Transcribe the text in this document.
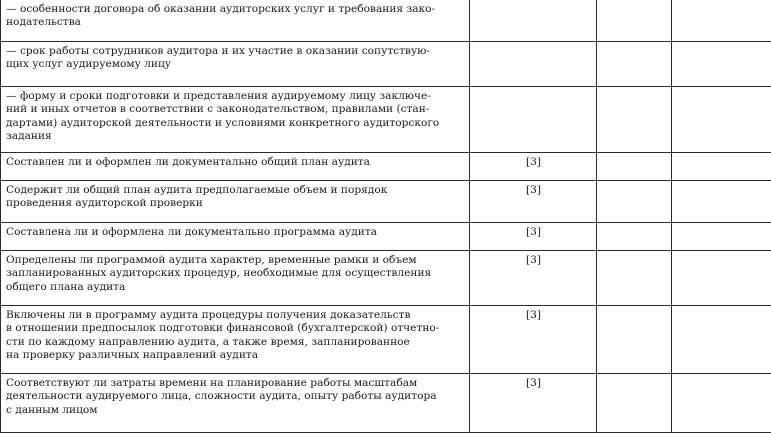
— особенности договора об оказании аудиторских услуг и требования зако-
нодательства			

— срок работы сотрудников аудитора и их участие в оказании сопутствую-
щих услуг аудируемому лицу			

— форму и сроки подготовки и представления аудируемому лицу заключе-
ний и иных отчетов в соответствии с законодательством, правилами (стан-
дартами) аудиторской деятельности и условиями конкретного аудиторского
задания			

Составлен ли и оформлен ли документально общий план аудита	[3]		

Содержит ли общий план аудита предполагаемые объем и порядок
проведения аудиторской проверки	[3]		

Составлена ли и оформлена ли документально программа аудита	[3]		

Определены ли программой аудита характер, временные рамки и объем
запланированных аудиторских процедур, необходимые для осуществления
общего плана аудита	[3]		

Включены ли в программу аудита процедуры получения доказательств
в отношении предпосылок подготовки финансовой (бухгалтерской) отчетно-
сти по каждому направлению аудита, а также время, запланированное
на проверку различных направлений аудита	[3]		

Соответствуют ли затраты времени на планирование работы масштабам
деятельности аудируемого лица, сложности аудита, опыту работы аудитора
с данным лицом	[3]		
